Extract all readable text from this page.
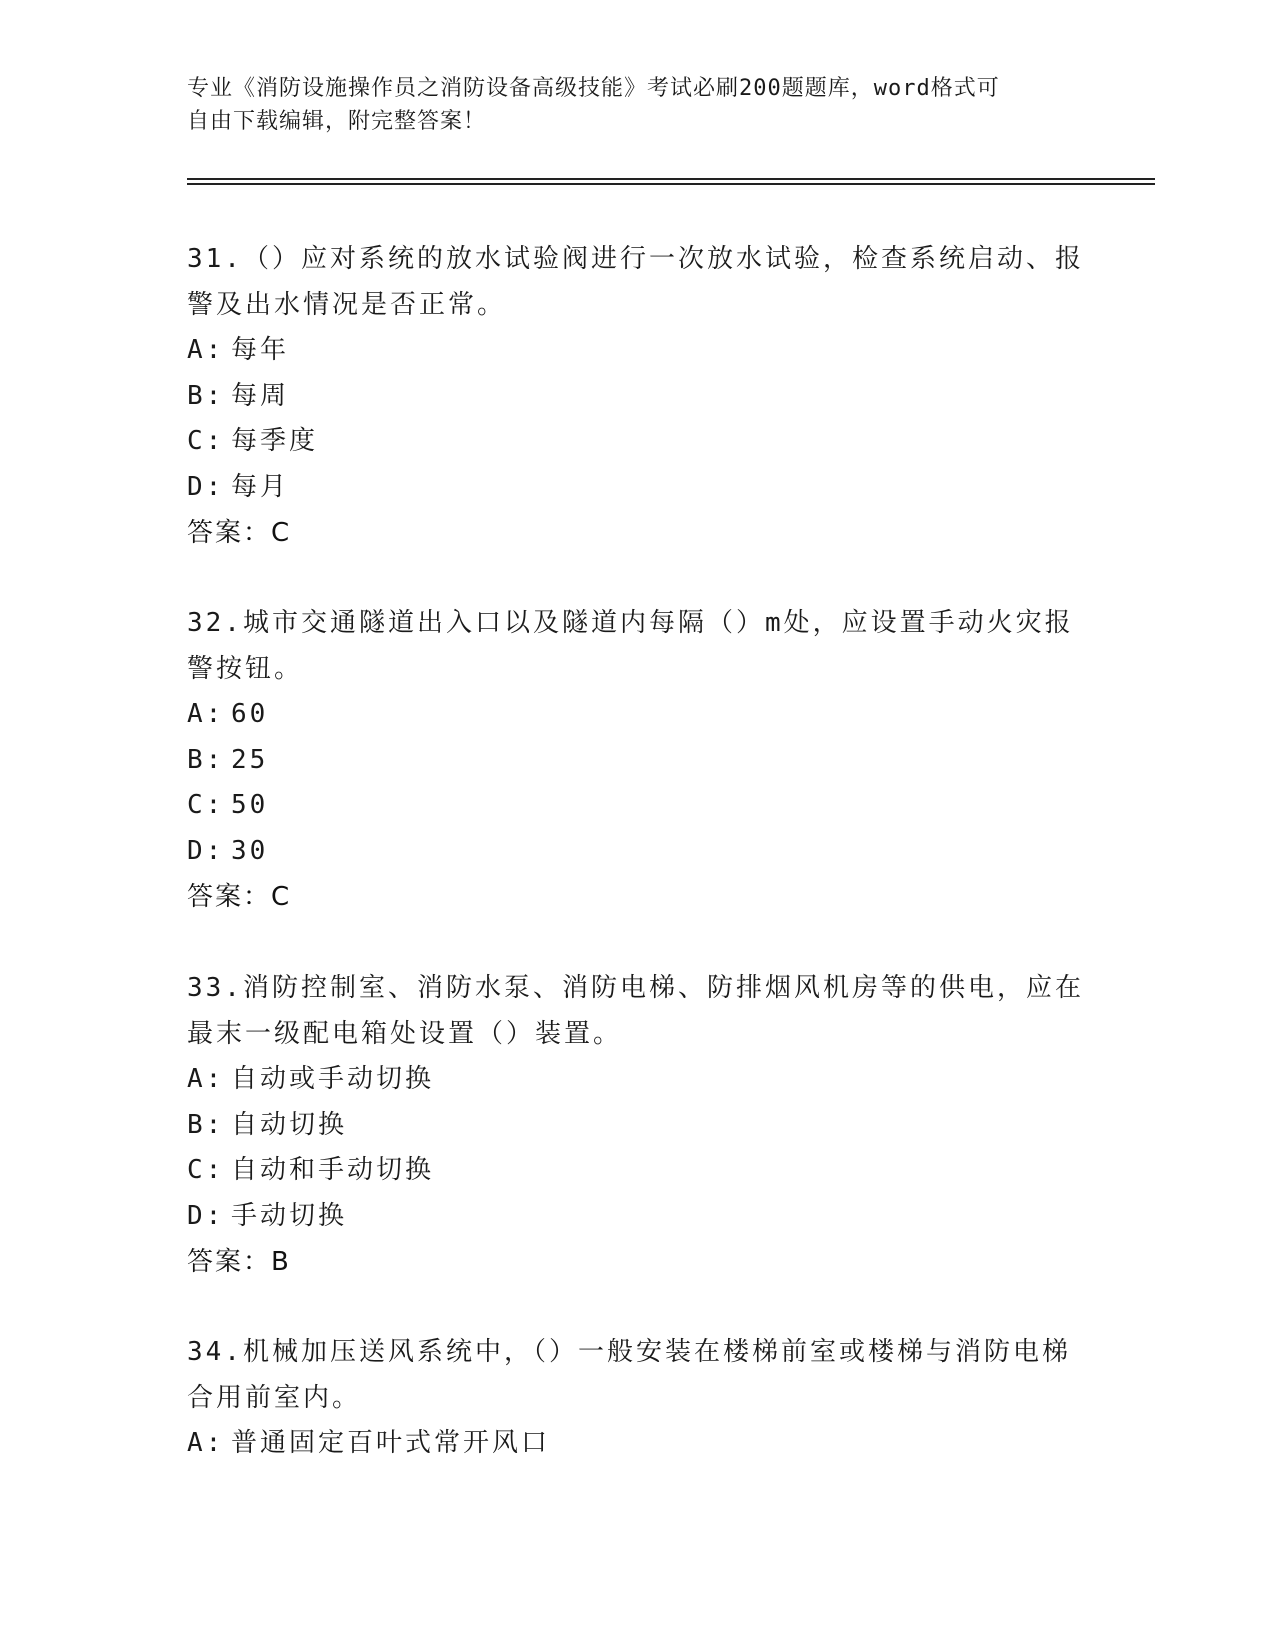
专业《消防设施操作员之消防设备高级技能》考试必刷200题题库，word格式可
自由下载编辑，附完整答案！

31.（）应对系统的放水试验阀进行一次放水试验，检查系统启动、报

警及出水情况是否正常。

A: 每年

B: 每周

C: 每季度

D: 每月

答案：C

32.城市交通隧道出入口以及隧道内每隔（）m处，应设置手动火灾报

警按钮。

A: 60

B: 25

C: 50

D: 30

答案：C

33.消防控制室、消防水泵、消防电梯、防排烟风机房等的供电，应在

最末一级配电箱处设置（）装置。

A: 自动或手动切换

B: 自动切换

C: 自动和手动切换

D: 手动切换

答案：B

34.机械加压送风系统中，（）一般安装在楼梯前室或楼梯与消防电梯

合用前室内。

A: 普通固定百叶式常开风口
